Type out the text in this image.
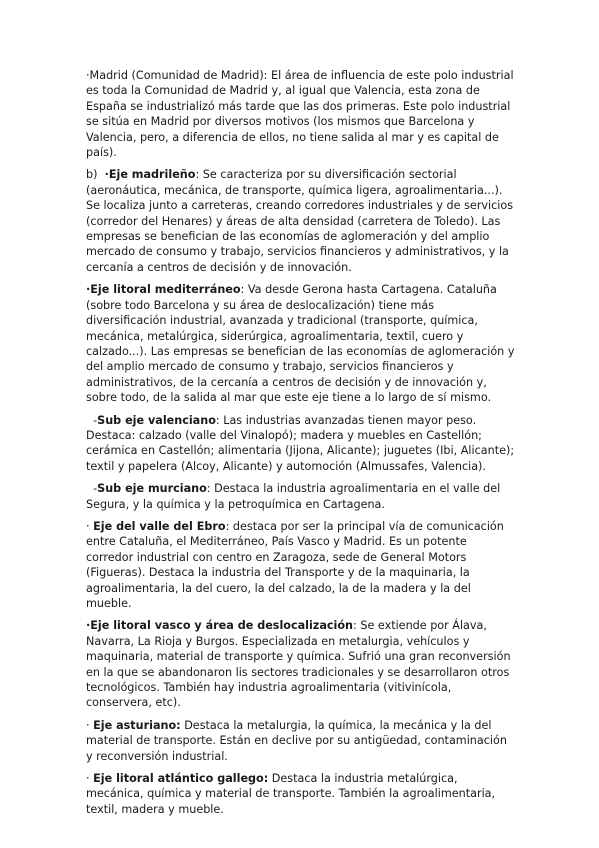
·Madrid (Comunidad de Madrid): El área de influencia de este polo industrial es toda la Comunidad de Madrid y, al igual que Valencia, esta zona de España se industrializó más tarde que las dos primeras. Este polo industrial se sitúa en Madrid por diversos motivos (los mismos que Barcelona y Valencia, pero, a diferencia de ellos, no tiene salida al mar y es capital de país).

b)  ·Eje madrileño: Se caracteriza por su diversificación sectorial (aeronáutica, mecánica, de transporte, química ligera, agroalimentaria...). Se localiza junto a carreteras, creando corredores industriales y de servicios (corredor del Henares) y áreas de alta densidad (carretera de Toledo). Las empresas se benefician de las economías de aglomeración y del amplio mercado de consumo y trabajo, servicios financieros y administrativos, y la cercanía a centros de decisión y de innovación.

·Eje litoral mediterráneo: Va desde Gerona hasta Cartagena. Cataluña (sobre todo Barcelona y su área de deslocalización) tiene más diversificación industrial, avanzada y tradicional (transporte, química, mecánica, metalúrgica, siderúrgica, agroalimentaria, textil, cuero y calzado...). Las empresas se benefician de las economías de aglomeración y del amplio mercado de consumo y trabajo, servicios financieros y administrativos, de la cercanía a centros de decisión y de innovación y, sobre todo, de la salida al mar que este eje tiene a lo largo de sí mismo.

-Sub eje valenciano: Las industrias avanzadas tienen mayor peso. Destaca: calzado (valle del Vinalopó); madera y muebles en Castellón; cerámica en Castellón; alimentaria (Jijona, Alicante); juguetes (Ibi, Alicante); textil y papelera (Alcoy, Alicante) y automoción (Almussafes, Valencia).

-Sub eje murciano: Destaca la industria agroalimentaria en el valle del Segura, y la química y la petroquímica en Cartagena.

· Eje del valle del Ebro: destaca por ser la principal vía de comunicación entre Cataluña, el Mediterráneo, País Vasco y Madrid. Es un potente corredor industrial con centro en Zaragoza, sede de General Motors (Figueras). Destaca la industria del Transporte y de la maquinaria, la agroalimentaria, la del cuero, la del calzado, la de la madera y la del mueble.

·Eje litoral vasco y área de deslocalización: Se extiende por Álava, Navarra, La Rioja y Burgos. Especializada en metalurgia, vehículos y maquinaria, material de transporte y química. Sufrió una gran reconversión en la que se abandonaron lis sectores tradicionales y se desarrollaron otros tecnológicos. También hay industria agroalimentaria (vitivinícola, conservera, etc).

· Eje asturiano: Destaca la metalurgia, la química, la mecánica y la del material de transporte. Están en declive por su antigüedad, contaminación y reconversión industrial.

· Eje litoral atlántico gallego: Destaca la industria metalúrgica, mecánica, química y material de transporte. También la agroalimentaria, textil, madera y mueble.
